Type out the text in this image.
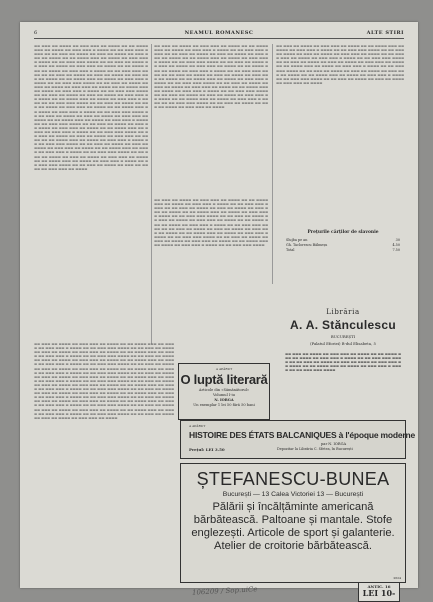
6	NEAMUL ROMANESC	ALTE STIRI
▬▬ ▬▬▬ ▬▬ ▬▬▬▬ ▬▬ ▬▬▬ ▬▬▬ ▬▬ ▬▬▬▬ ▬▬ ▬▬ ▬▬▬▬ ▬▬▬ ▬▬ ▬▬▬▬ ▬▬ ▬▬▬ ▬▬▬ ▬ ▬▬▬▬ ▬▬ ▬▬ ▬▬▬ ▬▬▬ ▬▬▬▬ ▬▬ ▬▬ ▬▬▬ ▬▬ ▬▬▬▬ ▬▬ ▬▬▬ ▬▬ ▬▬▬▬ ▬▬ ▬▬▬ ▬▬▬ ▬▬ ▬▬▬▬ ▬▬ ▬▬ ▬▬▬▬ ▬▬▬ ▬▬ ▬▬▬▬ ▬▬ ▬▬▬ ▬▬▬ ▬ ▬▬▬▬ ▬▬ ▬▬ ▬▬▬ ▬▬▬ ▬▬▬▬ ▬▬ ▬▬ ▬▬▬ ▬▬ ▬▬▬▬ ▬▬ ▬▬▬ ▬▬ ▬▬▬▬ ▬▬ ▬▬▬ ▬▬▬ ▬▬ ▬▬▬▬ ▬▬ ▬▬ ▬▬▬▬ ▬▬▬ ▬▬ ▬▬▬▬ ▬▬ ▬▬▬ ▬▬▬ ▬ ▬▬▬▬ ▬▬ ▬▬ ▬▬▬ ▬▬▬ ▬▬▬▬ ▬▬ ▬▬ ▬▬▬ ▬▬ ▬▬▬▬ ▬▬ ▬▬▬ ▬▬ ▬▬▬▬ ▬▬ ▬▬▬ ▬▬▬ ▬▬ ▬▬▬▬ ▬▬ ▬▬ ▬▬▬▬ ▬▬▬ ▬▬ ▬▬▬▬ ▬▬ ▬▬▬ ▬▬▬ ▬ ▬▬▬▬ ▬▬ ▬▬ ▬▬▬ ▬▬▬ ▬▬▬▬ ▬▬ ▬▬ ▬▬▬ ▬▬ ▬▬▬▬ ▬▬ ▬▬▬ ▬▬ ▬▬▬▬ ▬▬ ▬▬▬ ▬▬▬ ▬▬ ▬▬▬▬ ▬▬ ▬▬ ▬▬▬▬ ▬▬▬ ▬▬ ▬▬▬▬ ▬▬ ▬▬▬ ▬▬▬ ▬ ▬▬▬▬ ▬▬ ▬▬ ▬▬▬ ▬▬▬ ▬▬▬▬ ▬▬ ▬▬ ▬▬▬ ▬▬ ▬▬▬▬ ▬▬ ▬▬▬ ▬▬ ▬▬▬▬ ▬▬ ▬▬▬ ▬▬▬ ▬▬ ▬▬▬▬ ▬▬ ▬▬ ▬▬▬▬ ▬▬▬ ▬▬ ▬▬▬▬ ▬▬ ▬▬▬ ▬▬▬ ▬ ▬▬▬▬ ▬▬ ▬▬ ▬▬▬ ▬▬▬ ▬▬▬▬ ▬▬ ▬▬ ▬▬▬ ▬▬ ▬▬▬▬ ▬▬ ▬▬▬ ▬▬ ▬▬▬▬ ▬▬ ▬▬▬ ▬▬▬ ▬▬ ▬▬▬▬ ▬▬ ▬▬ ▬▬▬▬ ▬▬▬ ▬▬ ▬▬▬▬ ▬▬ ▬▬▬ ▬▬▬ ▬ ▬▬▬▬ ▬▬ ▬▬ ▬▬▬ ▬▬▬ ▬▬▬▬ ▬▬ ▬▬ ▬▬▬ ▬▬ ▬▬▬▬ ▬▬ ▬▬▬ ▬▬ ▬▬▬▬ ▬▬ ▬▬▬ ▬▬▬ ▬▬ ▬▬▬▬ ▬▬ ▬▬ ▬▬▬▬ ▬▬▬ ▬▬ ▬▬▬▬ ▬▬ ▬▬▬ ▬▬▬ ▬ ▬▬▬▬ ▬▬ ▬▬ ▬▬▬ ▬▬▬ ▬▬▬▬ ▬▬ ▬▬ ▬▬▬ ▬▬ ▬▬▬▬ ▬▬ ▬▬▬ ▬▬ ▬▬▬▬ ▬▬ ▬▬▬ ▬▬▬ ▬▬ ▬▬▬▬ ▬▬ ▬▬ ▬▬▬▬ ▬▬▬ ▬▬ ▬▬▬▬ ▬▬ ▬▬▬ ▬▬▬ ▬ ▬▬▬▬ ▬▬ ▬▬ ▬▬▬ ▬▬▬ ▬▬▬▬ ▬▬ ▬▬ ▬▬▬ ▬▬ ▬▬▬▬ ▬▬ ▬▬▬ ▬▬ ▬▬▬▬ ▬▬ ▬▬▬ ▬▬▬ ▬▬ ▬▬▬▬ ▬▬ ▬▬ ▬▬▬▬ ▬▬▬ ▬▬ ▬▬▬▬ ▬▬ ▬▬▬ ▬▬▬ ▬ ▬▬▬▬ ▬▬ ▬▬ ▬▬▬ ▬▬▬ ▬▬▬▬ ▬▬ ▬▬ ▬▬▬ ▬▬ ▬▬▬▬ ▬▬ ▬▬▬ ▬▬ ▬▬▬▬ ▬▬ ▬▬▬ ▬▬▬ ▬▬ ▬▬▬▬ ▬▬ ▬▬ ▬▬▬▬ ▬▬▬ ▬▬ ▬▬▬▬ ▬▬ ▬▬▬ ▬▬▬ ▬ ▬▬▬▬ ▬▬ ▬▬ ▬▬▬ ▬▬▬ ▬▬▬▬ ▬▬ ▬▬ ▬▬▬ ▬▬ ▬▬▬▬ ▬▬ ▬▬▬ ▬▬ ▬▬▬▬ ▬▬ ▬▬▬ ▬▬▬ ▬▬ ▬▬▬▬ ▬▬ ▬▬ ▬▬▬▬ ▬▬▬ ▬▬ ▬▬▬▬ ▬▬ ▬▬▬ ▬▬▬ ▬ ▬▬▬▬ ▬▬ ▬▬ ▬▬▬ ▬▬▬ ▬▬▬▬ ▬▬ ▬▬ ▬▬▬ ▬▬ ▬▬▬▬ ▬▬ ▬▬▬ ▬▬ ▬▬▬▬ ▬▬ ▬▬▬ ▬▬▬ ▬▬ ▬▬▬▬
▬▬ ▬▬▬ ▬▬ ▬▬▬▬ ▬▬ ▬▬▬ ▬▬▬ ▬▬ ▬▬▬▬ ▬▬ ▬▬ ▬▬▬▬ ▬▬▬ ▬▬ ▬▬▬▬ ▬▬ ▬▬▬ ▬▬▬ ▬ ▬▬▬▬ ▬▬ ▬▬ ▬▬▬ ▬▬▬ ▬▬▬▬ ▬▬ ▬▬ ▬▬▬ ▬▬ ▬▬▬▬ ▬▬ ▬▬▬ ▬▬ ▬▬▬▬ ▬▬ ▬▬▬ ▬▬▬ ▬▬ ▬▬▬▬ ▬▬ ▬▬ ▬▬▬▬ ▬▬▬ ▬▬ ▬▬▬▬ ▬▬ ▬▬▬ ▬▬▬ ▬ ▬▬▬▬ ▬▬ ▬▬ ▬▬▬ ▬▬▬ ▬▬▬▬ ▬▬ ▬▬ ▬▬▬ ▬▬ ▬▬▬▬ ▬▬ ▬▬▬ ▬▬ ▬▬▬▬ ▬▬ ▬▬▬ ▬▬▬ ▬▬ ▬▬▬▬ ▬▬ ▬▬ ▬▬▬▬ ▬▬▬ ▬▬ ▬▬▬▬ ▬▬ ▬▬▬ ▬▬▬ ▬ ▬▬▬▬ ▬▬ ▬▬ ▬▬▬ ▬▬▬ ▬▬▬▬ ▬▬ ▬▬ ▬▬▬ ▬▬ ▬▬▬▬ ▬▬ ▬▬▬ ▬▬ ▬▬▬▬ ▬▬ ▬▬▬ ▬▬▬ ▬▬ ▬▬▬▬ ▬▬ ▬▬ ▬▬▬▬ ▬▬▬ ▬▬ ▬▬▬▬ ▬▬ ▬▬▬ ▬▬▬ ▬ ▬▬▬▬ ▬▬ ▬▬ ▬▬▬ ▬▬▬ ▬▬▬▬ ▬▬ ▬▬ ▬▬▬ ▬▬ ▬▬▬▬ ▬▬ ▬▬▬ ▬▬ ▬▬▬▬ ▬▬ ▬▬▬ ▬▬▬ ▬▬ ▬▬▬▬ ▬▬ ▬▬ ▬▬▬▬ ▬▬▬ ▬▬ ▬▬▬▬ ▬▬ ▬▬▬ ▬▬▬ ▬ ▬▬▬▬ ▬▬ ▬▬ ▬▬▬ ▬▬▬ ▬▬▬▬ ▬▬ ▬▬ ▬▬▬ ▬▬ ▬▬▬▬ ▬▬ ▬▬▬ ▬▬ ▬▬▬▬ ▬▬ ▬▬▬ ▬▬▬ ▬▬ ▬▬▬▬ ▬▬ ▬▬ ▬▬▬▬ ▬▬▬ ▬▬ ▬▬▬▬ ▬▬ ▬▬▬ ▬▬▬ ▬ ▬▬▬▬ ▬▬ ▬▬ ▬▬▬ ▬▬▬ ▬▬▬▬ ▬▬ ▬▬ ▬▬▬ ▬▬ ▬▬▬▬ ▬▬ ▬▬▬ ▬▬ ▬▬▬▬ ▬▬ ▬▬▬ ▬▬▬ ▬▬ ▬▬▬▬
▬▬ ▬▬▬ ▬▬ ▬▬▬▬ ▬▬ ▬▬▬ ▬▬▬ ▬▬ ▬▬▬▬ ▬▬ ▬▬ ▬▬▬▬ ▬▬▬ ▬▬ ▬▬▬▬ ▬▬ ▬▬▬ ▬▬▬ ▬ ▬▬▬▬ ▬▬ ▬▬ ▬▬▬ ▬▬▬ ▬▬▬▬ ▬▬ ▬▬ ▬▬▬ ▬▬ ▬▬▬▬ ▬▬ ▬▬▬ ▬▬ ▬▬▬▬ ▬▬ ▬▬▬ ▬▬▬ ▬▬ ▬▬▬▬ ▬▬ ▬▬ ▬▬▬▬ ▬▬▬ ▬▬ ▬▬▬▬ ▬▬ ▬▬▬ ▬▬▬ ▬ ▬▬▬▬ ▬▬ ▬▬ ▬▬▬ ▬▬▬ ▬▬▬▬ ▬▬ ▬▬ ▬▬▬ ▬▬ ▬▬▬▬ ▬▬ ▬▬▬ ▬▬ ▬▬▬▬ ▬▬ ▬▬▬ ▬▬▬ ▬▬ ▬▬▬▬ ▬▬ ▬▬ ▬▬▬▬ ▬▬▬ ▬▬ ▬▬▬▬ ▬▬ ▬▬▬ ▬▬▬ ▬ ▬▬▬▬ ▬▬ ▬▬ ▬▬▬ ▬▬▬ ▬▬▬▬ ▬▬ ▬▬ ▬▬▬ ▬▬ ▬▬▬▬ ▬▬ ▬▬▬ ▬▬ ▬▬▬▬ ▬▬ ▬▬▬ ▬▬▬ ▬▬ ▬▬▬▬ ▬▬ ▬▬ ▬▬▬▬ ▬▬▬ ▬▬ ▬▬▬▬ ▬▬ ▬▬▬ ▬▬▬ ▬ ▬▬▬▬ ▬▬ ▬▬ ▬▬▬ ▬▬▬ ▬▬▬▬ ▬▬ ▬▬ ▬▬▬ ▬▬ ▬▬▬▬ ▬▬ ▬▬▬ ▬▬ ▬▬▬▬ ▬▬ ▬▬▬ ▬▬▬ ▬▬ ▬▬▬▬
▬▬ ▬▬▬ ▬▬ ▬▬▬▬ ▬▬ ▬▬▬ ▬▬▬ ▬▬ ▬▬▬▬ ▬▬ ▬▬ ▬▬▬▬ ▬▬▬ ▬▬ ▬▬▬▬ ▬▬ ▬▬▬ ▬▬▬ ▬ ▬▬▬▬ ▬▬ ▬▬ ▬▬▬ ▬▬▬ ▬▬▬▬ ▬▬ ▬▬ ▬▬▬ ▬▬ ▬▬▬▬ ▬▬ ▬▬▬ ▬▬ ▬▬▬▬ ▬▬ ▬▬▬ ▬▬▬ ▬▬ ▬▬▬▬ ▬▬ ▬▬ ▬▬▬▬ ▬▬▬ ▬▬ ▬▬▬▬ ▬▬ ▬▬▬ ▬▬▬ ▬ ▬▬▬▬ ▬▬ ▬▬ ▬▬▬ ▬▬▬ ▬▬▬▬ ▬▬ ▬▬ ▬▬▬ ▬▬ ▬▬▬▬ ▬▬ ▬▬▬ ▬▬ ▬▬▬▬ ▬▬ ▬▬▬ ▬▬▬ ▬▬ ▬▬▬▬ ▬▬ ▬▬ ▬▬▬▬ ▬▬▬ ▬▬ ▬▬▬▬ ▬▬ ▬▬▬ ▬▬▬ ▬ ▬▬▬▬ ▬▬ ▬▬ ▬▬▬ ▬▬▬ ▬▬▬▬ ▬▬ ▬▬ ▬▬▬ ▬▬ ▬▬▬▬ ▬▬ ▬▬▬ ▬▬ ▬▬▬▬ ▬▬ ▬▬▬ ▬▬▬ ▬▬ ▬▬▬▬ ▬▬ ▬▬ ▬▬▬▬ ▬▬▬ ▬▬ ▬▬▬▬ ▬▬ ▬▬▬ ▬▬▬ ▬ ▬▬▬▬ ▬▬ ▬▬ ▬▬▬ ▬▬▬ ▬▬▬▬ ▬▬ ▬▬ ▬▬▬ ▬▬ ▬▬▬▬ ▬▬ ▬▬▬ ▬▬ ▬▬▬▬ ▬▬ ▬▬▬ ▬▬▬ ▬▬ ▬▬▬▬ ▬▬ ▬▬ ▬▬▬▬ ▬▬▬ ▬▬ ▬▬▬▬ ▬▬ ▬▬▬ ▬▬▬ ▬ ▬▬▬▬ ▬▬ ▬▬ ▬▬▬ ▬▬▬ ▬▬▬▬
▬▬ ▬▬▬ ▬▬ ▬▬▬▬ ▬▬ ▬▬▬ ▬▬▬ ▬▬ ▬▬▬▬ ▬▬ ▬▬ ▬▬▬▬ ▬▬▬ ▬▬ ▬▬▬▬ ▬▬ ▬▬▬ ▬▬▬ ▬ ▬▬▬▬ ▬▬ ▬▬ ▬▬▬ ▬▬▬ ▬▬▬▬ ▬▬ ▬▬ ▬▬▬ ▬▬ ▬▬▬▬ ▬▬ ▬▬▬ ▬▬ ▬▬▬▬ ▬▬ ▬▬▬ ▬▬▬ ▬▬ ▬▬▬▬ ▬▬ ▬▬ ▬▬▬▬ ▬▬▬ ▬▬ ▬▬▬▬ ▬▬ ▬▬▬ ▬▬▬ ▬ ▬▬▬▬ ▬▬ ▬▬ ▬▬▬ ▬▬▬ ▬▬▬▬ ▬▬ ▬▬ ▬▬▬ ▬▬ ▬▬▬▬ ▬▬ ▬▬▬ ▬▬ ▬▬▬▬ ▬▬ ▬▬▬ ▬▬▬ ▬▬ ▬▬▬▬ ▬▬ ▬▬ ▬▬▬▬ ▬▬▬ ▬▬ ▬▬▬▬ ▬▬ ▬▬▬ ▬▬▬ ▬ ▬▬▬▬ ▬▬ ▬▬ ▬▬▬ ▬▬▬ ▬▬▬▬ ▬▬ ▬▬ ▬▬▬ ▬▬ ▬▬▬▬ ▬▬ ▬▬▬ ▬▬ ▬▬▬▬ ▬▬ ▬▬▬ ▬▬▬ ▬▬ ▬▬▬▬ ▬▬ ▬▬ ▬▬▬▬ ▬▬▬ ▬▬ ▬▬▬▬ ▬▬ ▬▬▬ ▬▬▬ ▬ ▬▬▬▬ ▬▬ ▬▬ ▬▬▬ ▬▬▬ ▬▬▬▬ ▬▬ ▬▬ ▬▬▬ ▬▬ ▬▬▬▬ ▬▬ ▬▬▬ ▬▬ ▬▬▬▬ ▬▬ ▬▬▬ ▬▬▬ ▬▬ ▬▬▬▬ ▬▬ ▬▬ ▬▬▬▬ ▬▬▬ ▬▬ ▬▬▬▬ ▬▬ ▬▬▬ ▬▬▬ ▬ ▬▬▬▬ ▬▬ ▬▬ ▬▬▬ ▬▬▬ ▬▬▬▬ ▬▬ ▬▬ ▬▬▬ ▬▬ ▬▬▬▬ ▬▬ ▬▬▬ ▬▬ ▬▬▬▬ ▬▬ ▬▬▬ ▬▬▬ ▬▬ ▬▬▬▬ ▬▬ ▬▬ ▬▬▬▬ ▬▬▬ ▬▬ ▬▬▬▬ ▬▬ ▬▬▬ ▬▬▬ ▬ ▬▬▬▬ ▬▬ ▬▬ ▬▬▬ ▬▬▬ ▬▬▬▬ ▬▬ ▬▬ ▬▬▬ ▬▬ ▬▬▬▬ ▬▬ ▬▬▬ ▬▬ ▬▬▬▬ ▬▬ ▬▬▬ ▬▬▬ ▬▬ ▬▬▬▬ ▬▬ ▬▬ ▬▬▬▬ ▬▬▬ ▬▬ ▬▬▬▬ ▬▬ ▬▬▬ ▬▬▬ ▬ ▬▬▬▬ ▬▬ ▬▬ ▬▬▬ ▬▬▬ ▬▬▬▬ ▬▬ ▬▬ ▬▬▬ ▬▬ ▬▬▬▬ ▬▬ ▬▬▬ ▬▬ ▬▬▬▬ ▬▬ ▬▬▬ ▬▬▬ ▬▬ ▬▬▬▬ ▬▬ ▬▬ ▬▬▬▬ ▬▬▬ ▬▬ ▬▬▬▬ ▬▬ ▬▬▬ ▬▬▬ ▬ ▬▬▬▬ ▬▬ ▬▬ ▬▬▬ ▬▬▬ ▬▬▬▬ ▬▬ ▬▬ ▬▬▬ ▬▬ ▬▬▬▬ ▬▬ ▬▬▬ ▬▬ ▬▬▬▬ ▬▬ ▬▬▬ ▬▬▬ ▬▬ ▬▬▬▬ ▬▬ ▬▬ ▬▬▬▬ ▬▬▬ ▬▬ ▬▬▬▬ ▬▬ ▬▬▬ ▬▬▬ ▬ ▬▬▬▬ ▬▬ ▬▬ ▬▬▬ ▬▬▬ ▬▬▬▬ ▬▬ ▬▬ ▬▬▬ ▬▬ ▬▬▬▬ ▬▬ ▬▬▬ ▬▬ ▬▬▬▬ ▬▬ ▬▬▬ ▬▬▬ ▬▬ ▬▬▬▬
Prețurile cărților de slavonie
Slujba pe an	30
Gh. Taclorescu Bălmeșu	4.50
Total	7.50
Librăria
A. A. Stănculescu
BUCUREȘTI
(Palatul Eforiei) B-dul Elisabeta, 5
▬▬ ▬▬▬ ▬▬ ▬▬▬▬ ▬▬ ▬▬▬ ▬▬▬ ▬▬ ▬▬▬▬ ▬▬ ▬▬ ▬▬▬▬ ▬▬▬ ▬▬ ▬▬▬▬ ▬▬ ▬▬▬ ▬▬▬ ▬ ▬▬▬▬ ▬▬ ▬▬ ▬▬▬ ▬▬▬ ▬▬▬▬ ▬▬ ▬▬ ▬▬▬ ▬▬ ▬▬▬▬ ▬▬ ▬▬▬ ▬▬ ▬▬▬▬ ▬▬ ▬▬▬ ▬▬▬ ▬▬ ▬▬▬▬ ▬▬ ▬▬ ▬▬▬▬ ▬▬▬ ▬▬ ▬▬▬▬ ▬▬ ▬▬▬ ▬▬▬ ▬ ▬▬▬▬ ▬▬ ▬▬ ▬▬▬ ▬▬▬ ▬▬▬▬
A APĂRUT
O luptă literară
Articole din «Sămănătorul»
Volumul I-iu
N. IORGA
Un exemplar 1 lei 50 fără 50 bani
A APĂRUT
HISTOIRE DES ÉTATS BALCANIQUES à l'époque moderne
par N. IORGA
Prețul: LEI 3.50	Depozitar la Librăria C. Sfetea, în București
ȘTEFANESCU-BUNEA
București — 13 Calea Victoriei 13 — București
Pălării și încălțăminte americană bărbătească. Paltoane și mantale. Stofe englezești. Articole de sport și galanterie. Atelier de croitorie bărbătească.
2624
ANTIC. 16
LEI 10-
106209 / Sop.uiCe
